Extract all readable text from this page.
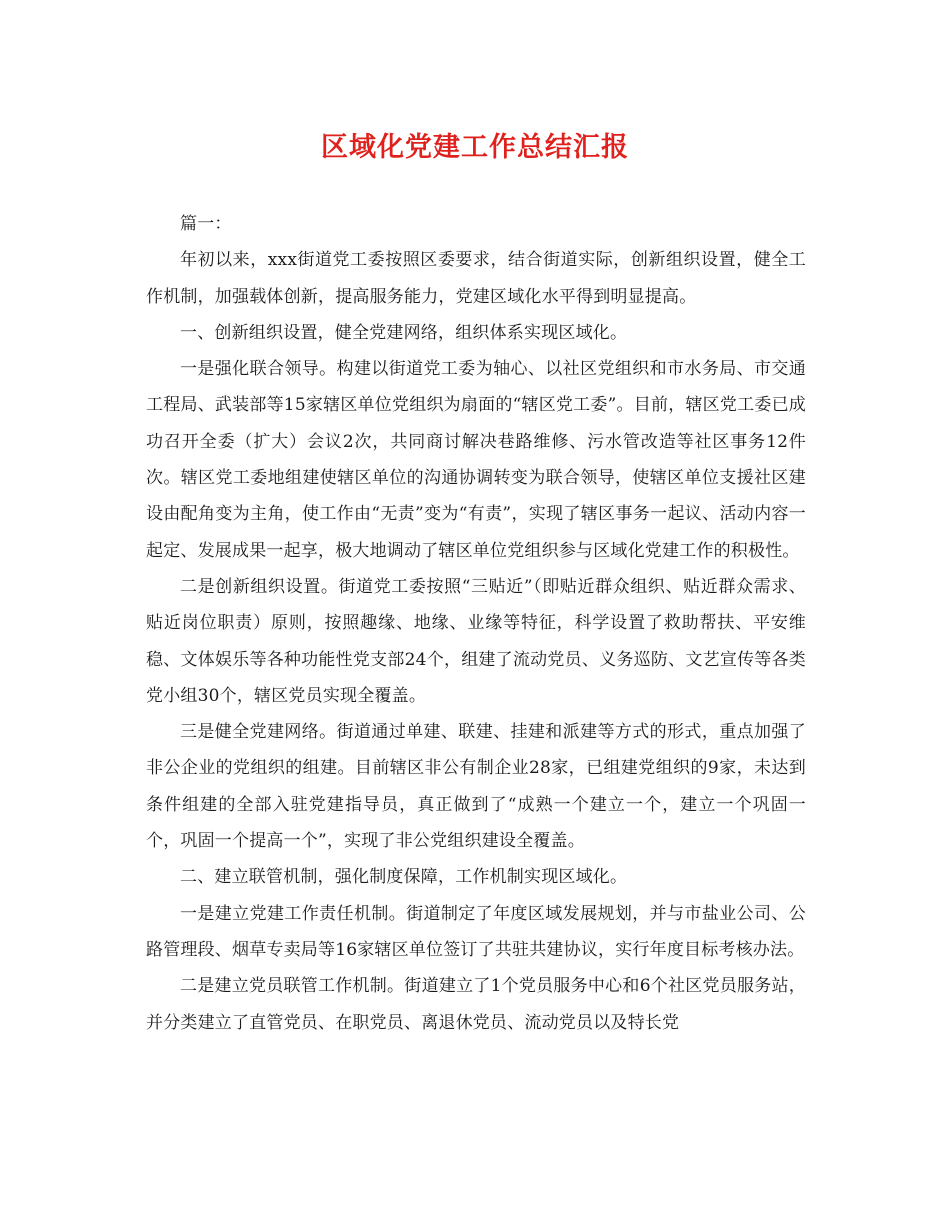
区域化党建工作总结汇报

篇一：

年初以来，xxx街道党工委按照区委要求，结合街道实际，创新组织设置，健全工作机制，加强载体创新，提高服务能力，党建区域化水平得到明显提高。

一、创新组织设置，健全党建网络，组织体系实现区域化。

一是强化联合领导。构建以街道党工委为轴心、以社区党组织和市水务局、市交通工程局、武装部等15家辖区单位党组织为扇面的“辖区党工委”。目前，辖区党工委已成功召开全委（扩大）会议2次，共同商讨解决巷路维修、污水管改造等社区事务12件次。辖区党工委地组建使辖区单位的沟通协调转变为联合领导，使辖区单位支援社区建设由配角变为主角，使工作由“无责”变为“有责”，实现了辖区事务一起议、活动内容一起定、发展成果一起享，极大地调动了辖区单位党组织参与区域化党建工作的积极性。

二是创新组织设置。街道党工委按照“三贴近”（即贴近群众组织、贴近群众需求、贴近岗位职责）原则，按照趣缘、地缘、业缘等特征，科学设置了救助帮扶、平安维稳、文体娱乐等各种功能性党支部24个，组建了流动党员、义务巡防、文艺宣传等各类党小组30个，辖区党员实现全覆盖。

三是健全党建网络。街道通过单建、联建、挂建和派建等方式的形式，重点加强了非公企业的党组织的组建。目前辖区非公有制企业28家，已组建党组织的9家，未达到条件组建的全部入驻党建指导员，真正做到了“成熟一个建立一个，建立一个巩固一个，巩固一个提高一个”，实现了非公党组织建设全覆盖。

二、建立联管机制，强化制度保障，工作机制实现区域化。

一是建立党建工作责任机制。街道制定了年度区域发展规划，并与市盐业公司、公路管理段、烟草专卖局等16家辖区单位签订了共驻共建协议，实行年度目标考核办法。

二是建立党员联管工作机制。街道建立了1个党员服务中心和6个社区党员服务站，并分类建立了直管党员、在职党员、离退休党员、流动党员以及特长党
